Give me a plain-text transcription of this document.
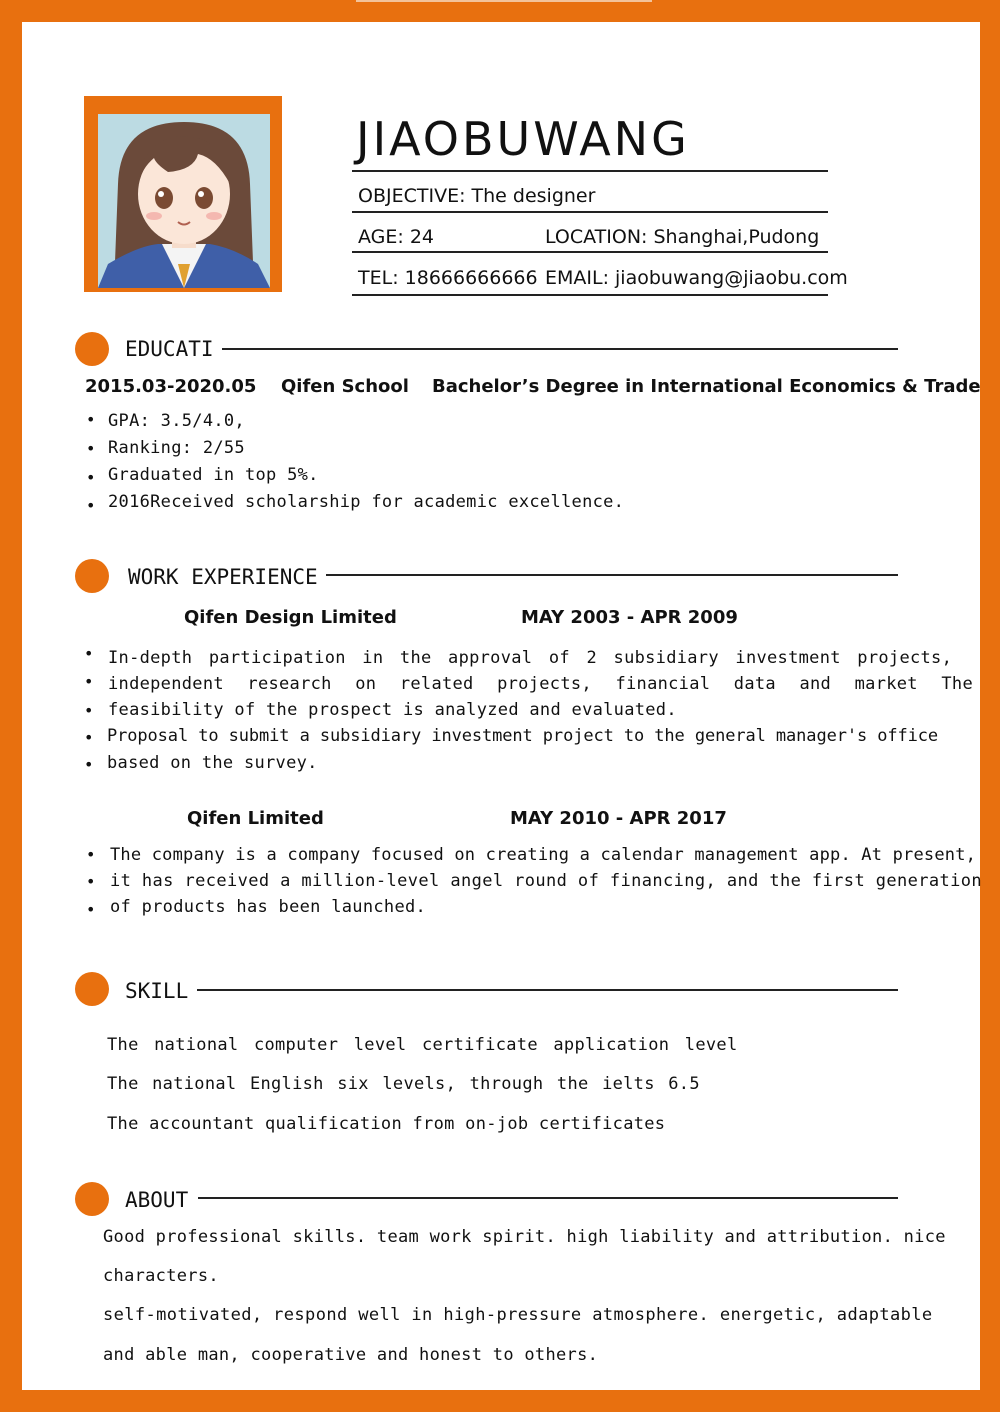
JIAOBUWANG
OBJECTIVE: The designer
AGE: 24	LOCATION: Shanghai,Pudong
TEL: 18666666666 EMAIL: jiaobuwang@jiaobu.com
EDUCATI
2015.03-2020.05 Qifen School Bachelor’s Degree in International Economics & Trade
• GPA: 3.5/4.0,
• Ranking: 2/55
• Graduated in top 5%.
• 2016Received scholarship for academic excellence.
WORK EXPERIENCE
Qifen Design Limited	MAY 2003 - APR 2009
• In-depth participation in the approval of 2 subsidiary investment projects,
• independent research on related projects, financial data and market The
• feasibility of the prospect is analyzed and evaluated.
• Proposal to submit a subsidiary investment project to the general manager's office
• based on the survey.
Qifen Limited	MAY 2010 - APR 2017
• The company is a company focused on creating a calendar management app. At present,
• it has received a million-level angel round of financing, and the first generation
• of products has been launched.
SKILL
The national computer level certificate application level
The national English six levels, through the ielts 6.5
The accountant qualification from on-job certificates
ABOUT
Good professional skills. team work spirit. high liability and attribution. nice
characters.
self-motivated, respond well in high-pressure atmosphere. energetic, adaptable
and able man, cooperative and honest to others.
